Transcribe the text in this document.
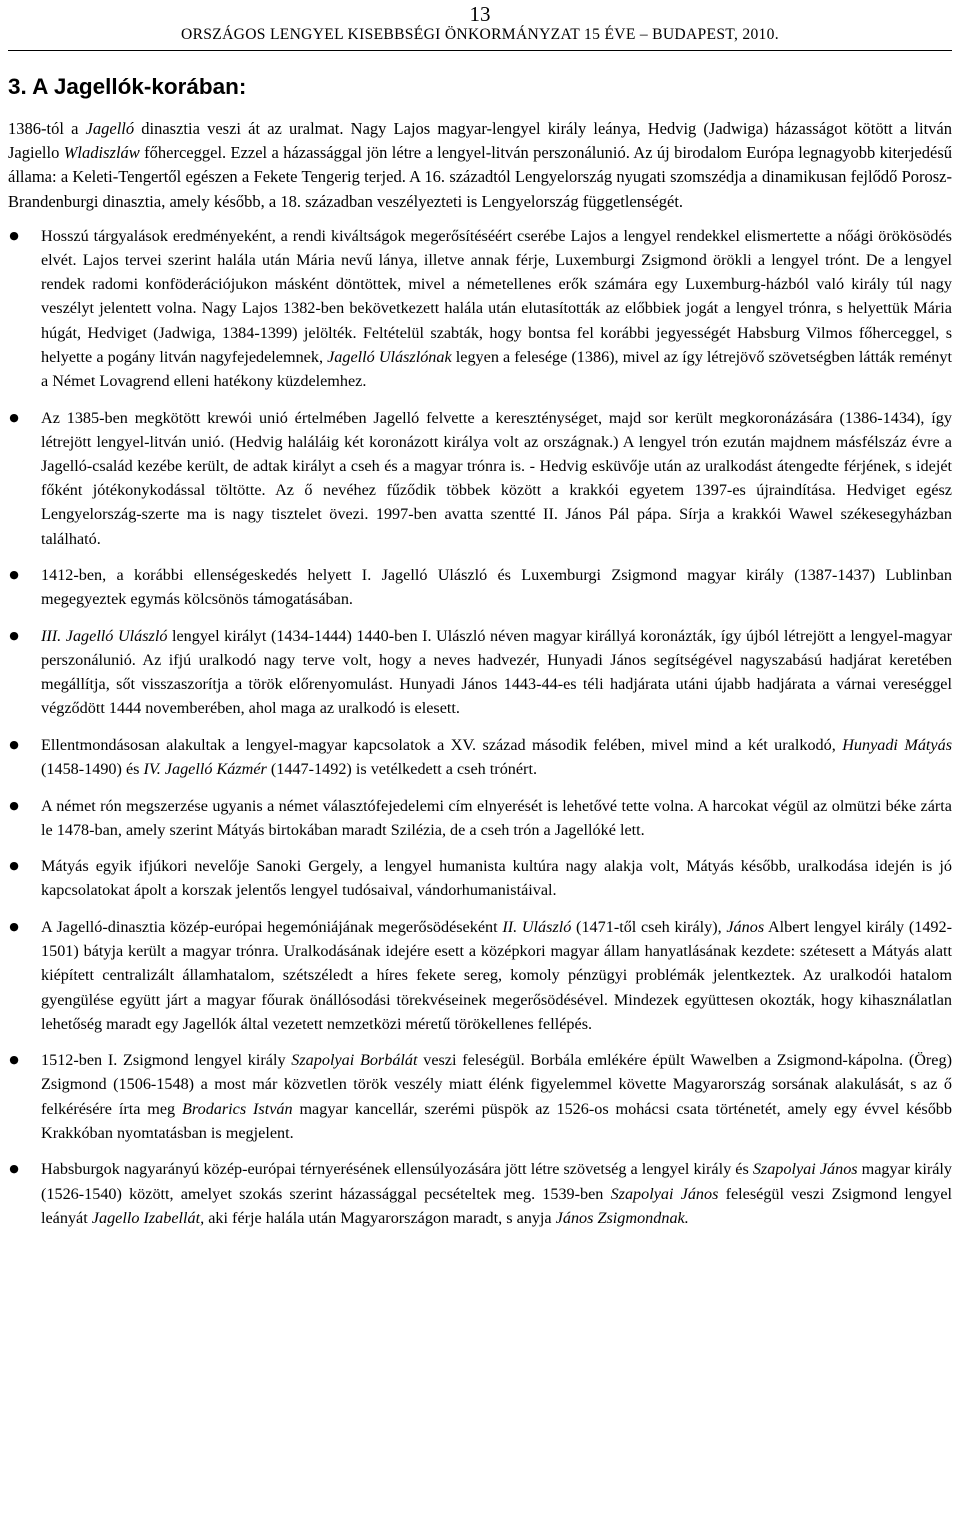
13
ORSZÁGOS LENGYEL KISEBBSÉGI ÖNKORMÁNYZAT 15 ÉVE – BUDAPEST, 2010.
3. A Jagellók-korában:

1386-tól a Jagelló dinasztia veszi át az uralmat. Nagy Lajos magyar-lengyel király leánya, Hedvig (Jadwiga) házasságot kötött a litván Jagiello Wladiszláw főherceggel. Ezzel a házassággal jön létre a lengyel-litván perszonálunió. Az új birodalom Európa legnagyobb kiterjedésű állama: a Keleti-Tengertől egészen a Fekete Tengerig terjed. A 16. századtól Lengyelország nyugati szomszédja a dinamikusan fejlődő Porosz-Brandenburgi dinasztia, amely később, a 18. században veszélyezteti is Lengyelország függetlenségét.

● Hosszú tárgyalások eredményeként, a rendi kiváltságok megerősítéséért cserébe Lajos a lengyel rendekkel elismertette a nőági örökösödés elvét. Lajos tervei szerint halála után Mária nevű lánya, illetve annak férje, Luxemburgi Zsigmond örökli a lengyel trónt. De a lengyel rendek radomi konföderációjukon másként döntöttek, mivel a németellenes erők számára egy Luxemburg-házból való király túl nagy veszélyt jelentett volna. Nagy Lajos 1382-ben bekövetkezett halála után elutasították az előbbiek jogát a lengyel trónra, s helyettük Mária húgát, Hedviget (Jadwiga, 1384-1399) jelölték. Feltételül szabták, hogy bontsa fel korábbi jegyességét Habsburg Vilmos főherceggel, s helyette a pogány litván nagyfejedelemnek, Jagelló Ulászlónak legyen a felesége (1386), mivel az így létrejövő szövetségben látták reményt a Német Lovagrend elleni hatékony küzdelemhez.
● Az 1385-ben megkötött krewói unió értelmében Jagelló felvette a kereszténységet, majd sor került megkoronázására (1386-1434), így létrejött lengyel-litván unió. (Hedvig haláláig két koronázott királya volt az országnak.) A lengyel trón ezután majdnem másfélszáz évre a Jagelló-család kezébe került, de adtak királyt a cseh és a magyar trónra is. - Hedvig esküvője után az uralkodást átengedte férjének, s idejét főként jótékonykodással töltötte. Az ő nevéhez fűződik többek között a krakkói egyetem 1397-es újraindítása. Hedviget egész Lengyelország-szerte ma is nagy tisztelet övezi. 1997-ben avatta szentté II. János Pál pápa. Sírja a krakkói Wawel székesegyházban található.
● 1412-ben, a korábbi ellenségeskedés helyett I. Jagelló Ulászló és Luxemburgi Zsigmond magyar király (1387-1437) Lublinban megegyeztek egymás kölcsönös támogatásában.
● III. Jagelló Ulászló lengyel királyt (1434-1444) 1440-ben I. Ulászló néven magyar királlyá koronázták, így újból létrejött a lengyel-magyar perszonálunió. Az ifjú uralkodó nagy terve volt, hogy a neves hadvezér, Hunyadi János segítségével nagyszabású hadjárat keretében megállítja, sőt visszaszorítja a török előrenyomulást. Hunyadi János 1443-44-es téli hadjárata utáni újabb hadjárata a várnai vereséggel végződött 1444 novemberében, ahol maga az uralkodó is elesett.
● Ellentmondásosan alakultak a lengyel-magyar kapcsolatok a XV. század második felében, mivel mind a két uralkodó, Hunyadi Mátyás (1458-1490) és IV. Jagelló Kázmér (1447-1492) is vetélkedett a cseh trónért.
● A német rón megszerzése ugyanis a német választófejedelemi cím elnyerését is lehetővé tette volna. A harcokat végül az olmützi béke zárta le 1478-ban, amely szerint Mátyás birtokában maradt Szilézia, de a cseh trón a Jagellóké lett.
● Mátyás egyik ifjúkori nevelője Sanoki Gergely, a lengyel humanista kultúra nagy alakja volt, Mátyás később, uralkodása idején is jó kapcsolatokat ápolt a korszak jelentős lengyel tudósaival, vándorhumanistáival.
● A Jagelló-dinasztia közép-európai hegemóniájának megerősödéseként II. Ulászló (1471-től cseh király), János Albert lengyel király (1492-1501) bátyja került a magyar trónra. Uralkodásának idejére esett a középkori magyar állam hanyatlásának kezdete: szétesett a Mátyás alatt kiépített centralizált államhatalom, szétszéledt a híres fekete sereg, komoly pénzügyi problémák jelentkeztek. Az uralkodói hatalom gyengülése együtt járt a magyar főurak önállósodási törekvéseinek megerősödésével. Mindezek együttesen okozták, hogy kihasználatlan lehetőség maradt egy Jagellók által vezetett nemzetközi méretű törökellenes fellépés.
● 1512-ben I. Zsigmond lengyel király Szapolyai Borbálát veszi feleségül. Borbála emlékére épült Wawelben a Zsigmond-kápolna. (Öreg) Zsigmond (1506-1548) a most már közvetlen török veszély miatt élénk figyelemmel követte Magyarország sorsának alakulását, s az ő felkérésére írta meg Brodarics István magyar kancellár, szerémi püspök az 1526-os mohácsi csata történetét, amely egy évvel később Krakkóban nyomtatásban is megjelent.
● Habsburgok nagyarányú közép-európai térnyerésének ellensúlyozására jött létre szövetség a lengyel király és Szapolyai János magyar király (1526-1540) között, amelyet szokás szerint házassággal pecsételtek meg. 1539-ben Szapolyai János feleségül veszi Zsigmond lengyel leányát Jagello Izabellát, aki férje halála után Magyarországon maradt, s anyja János Zsigmondnak.
